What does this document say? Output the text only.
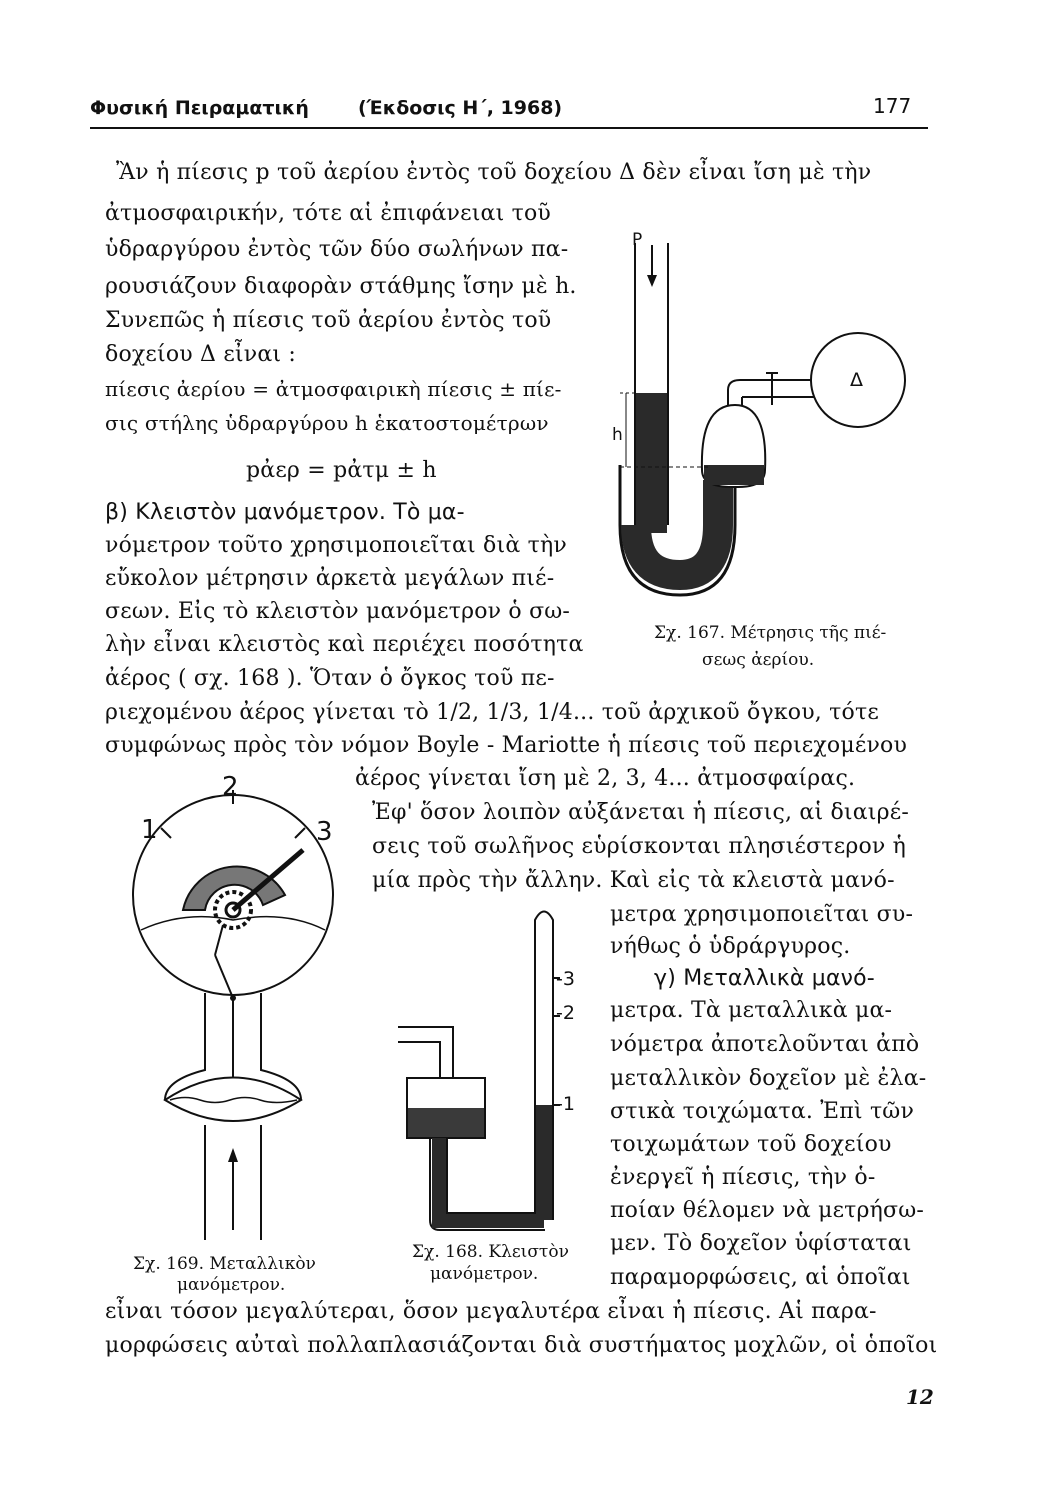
Φυσική Πειραματική	(Έκδοσις Η΄, 1968)	177
Ἂν ἡ πίεσις p τοῦ ἀερίου ἐντὸς τοῦ δοχείου Δ δὲν εἶναι ἴση μὲ τὴν
ἀτμοσφαιρικήν, τότε αἱ ἐπιφάνειαι τοῦ
ὑδραργύρου ἐντὸς τῶν δύο σωλήνων πα-
ρουσιάζουν διαφορὰν στάθμης ἴσην μὲ h.
Συνεπῶς ἡ πίεσις τοῦ ἀερίου ἐντὸς τοῦ
δοχείου Δ εἶναι :
πίεσις ἀερίου = ἀτμοσφαιρικὴ πίεσις ± πίε-
σις στήλης ὑδραργύρου h ἑκατοστομέτρων
pἀερ = pἀτμ ± h
β) Κλειστὸν μανόμετρον. Τὸ μα-
νόμετρον τοῦτο χρησιμοποιεῖται διὰ τὴν
εὔκολον μέτρησιν ἀρκετὰ μεγάλων πιέ-
σεων. Εἰς τὸ κλειστὸν μανόμετρον ὁ σω-
λὴν εἶναι κλειστὸς καὶ περιέχει ποσότητα
ἀέρος ( σχ. 168 ). Ὅταν ὁ ὄγκος τοῦ πε-
ριεχομένου ἀέρος γίνεται τὸ 1/2, 1/3, 1/4... τοῦ ἀρχικοῦ ὄγκου, τότε
συμφώνως πρὸς τὸν νόμον Boyle - Mariotte ἡ πίεσις τοῦ περιεχομένου
ἀέρος γίνεται ἴση μὲ 2, 3, 4... ἀτμοσφαίρας.
Ἐφ' ὅσον λοιπὸν αὐξάνεται ἡ πίεσις, αἱ διαιρέ-
σεις τοῦ σωλῆνος εὑρίσκονται πλησιέστερον ἡ
μία πρὸς τὴν ἄλλην. Καὶ εἰς τὰ κλειστὰ μανό-
μετρα χρησιμοποιεῖται συ-
νήθως ὁ ὑδράργυρος.
γ) Μεταλλικὰ μανό-
μετρα. Τὰ μεταλλικὰ μα-
νόμετρα ἀποτελοῦνται ἀπὸ
μεταλλικὸν δοχεῖον μὲ ἐλα-
στικὰ τοιχώματα. Ἐπὶ τῶν
τοιχωμάτων τοῦ δοχείου
ἐνεργεῖ ἡ πίεσις, τὴν ὁ-
ποίαν θέλομεν νὰ μετρήσω-
μεν. Τὸ δοχεῖον ὑφίσταται
παραμορφώσεις, αἱ ὁποῖαι
εἶναι τόσον μεγαλύτεραι, ὅσον μεγαλυτέρα εἶναι ἡ πίεσις. Αἱ παρα-
μορφώσεις αὐταὶ πολλαπλασιάζονται διὰ συστήματος μοχλῶν, οἱ ὁποῖοι
P
h
Δ
Σχ. 167. Μέτρησις τῆς πιέ-
σεως ἀερίου.
2
1	3
Σχ. 169. Μεταλλικὸν
μανόμετρον.
-3
-2
-1
Σχ. 168. Κλειστὸν
μανόμετρον.
12
